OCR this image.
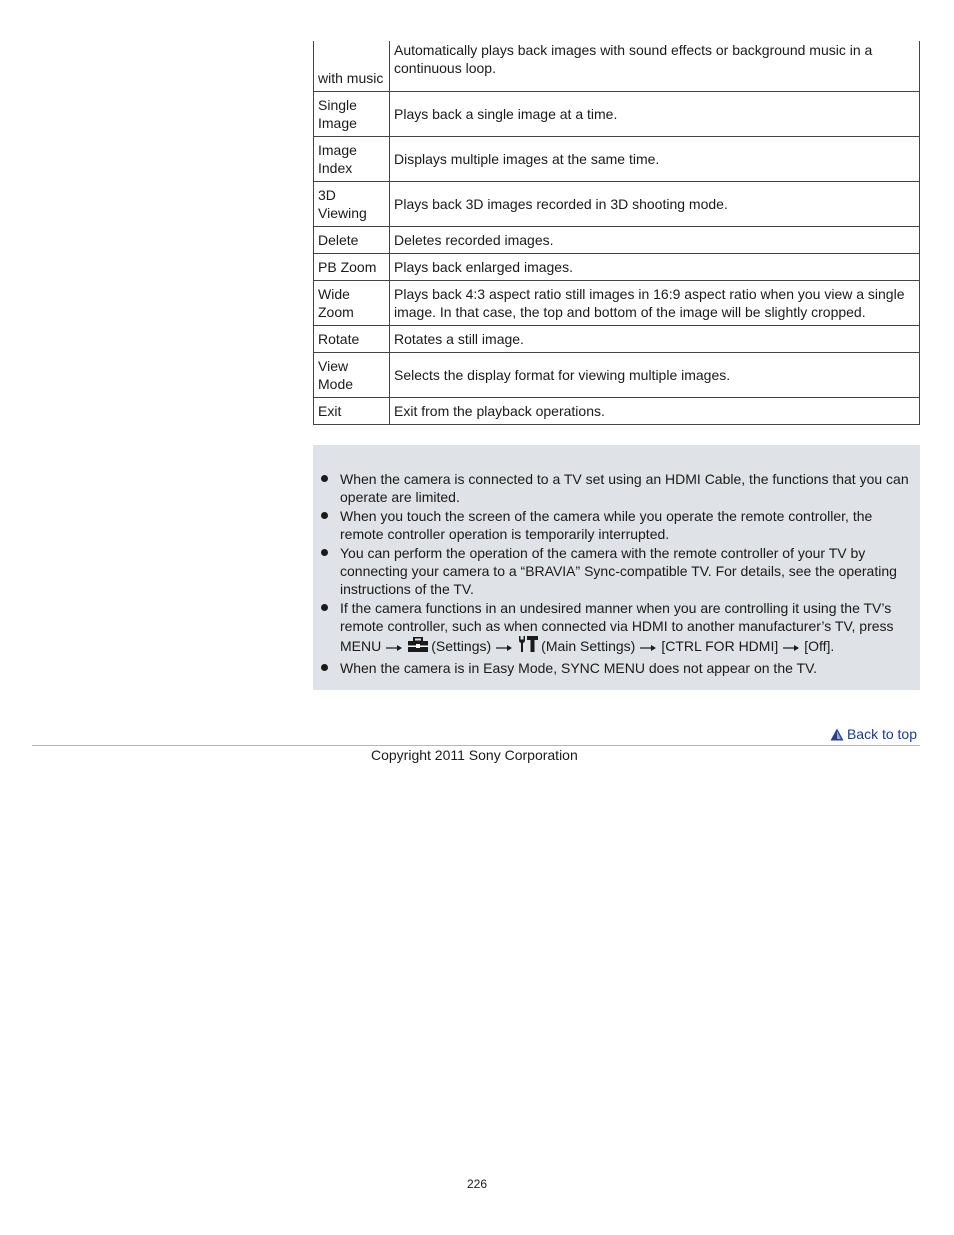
with music	Automatically plays back images with sound effects or background music in a continuous loop.
Single Image	Plays back a single image at a time.
Image Index	Displays multiple images at the same time.
3D Viewing	Plays back 3D images recorded in 3D shooting mode.
Delete	Deletes recorded images.
PB Zoom	Plays back enlarged images.
Wide Zoom	Plays back 4:3 aspect ratio still images in 16:9 aspect ratio when you view a single image. In that case, the top and bottom of the image will be slightly cropped.
Rotate	Rotates a still image.
View Mode	Selects the display format for viewing multiple images.
Exit	Exit from the playback operations.
When the camera is connected to a TV set using an HDMI Cable, the functions that you can operate are limited.
When you touch the screen of the camera while you operate the remote controller, the remote controller operation is temporarily interrupted.
You can perform the operation of the camera with the remote controller of your TV by connecting your camera to a “BRAVIA” Sync-compatible TV. For details, see the operating instructions of the TV.
If the camera functions in an undesired manner when you are controlling it using the TV’s remote controller, such as when connected via HDMI to another manufacturer’s TV, press MENU	(Settings)	(Main Settings) [CTRL FOR HDMI] [Off].
When the camera is in Easy Mode, SYNC MENU does not appear on the TV.
Back to top
Copyright 2011 Sony Corporation
226
